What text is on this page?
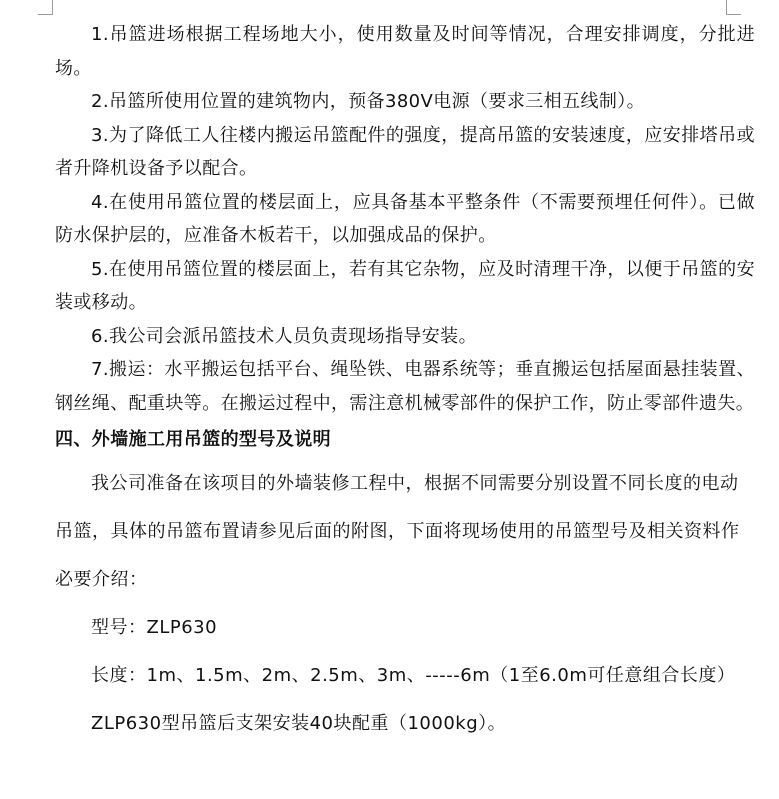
1.吊篮进场根据工程场地大小，使用数量及时间等情况，合理安排调度，分批进场。

2.吊篮所使用位置的建筑物内，预备380V电源（要求三相五线制）。

3.为了降低工人往楼内搬运吊篮配件的强度，提高吊篮的安装速度，应安排塔吊或者升降机设备予以配合。

4.在使用吊篮位置的楼层面上，应具备基本平整条件（不需要预埋任何件）。已做防水保护层的，应准备木板若干，以加强成品的保护。

5.在使用吊篮位置的楼层面上，若有其它杂物，应及时清理干净，以便于吊篮的安装或移动。

6.我公司会派吊篮技术人员负责现场指导安装。

7.搬运：水平搬运包括平台、绳坠铁、电器系统等；垂直搬运包括屋面悬挂装置、钢丝绳、配重块等。在搬运过程中，需注意机械零部件的保护工作，防止零部件遗失。

四、外墙施工用吊篮的型号及说明

我公司准备在该项目的外墙装修工程中，根据不同需要分别设置不同长度的电动吊篮，具体的吊篮布置请参见后面的附图，下面将现场使用的吊篮型号及相关资料作必要介绍：

型号：ZLP630

长度：1m、1.5m、2m、2.5m、3m、-----6m（1至6.0m可任意组合长度）

ZLP630型吊篮后支架安装40块配重（1000kg）。
